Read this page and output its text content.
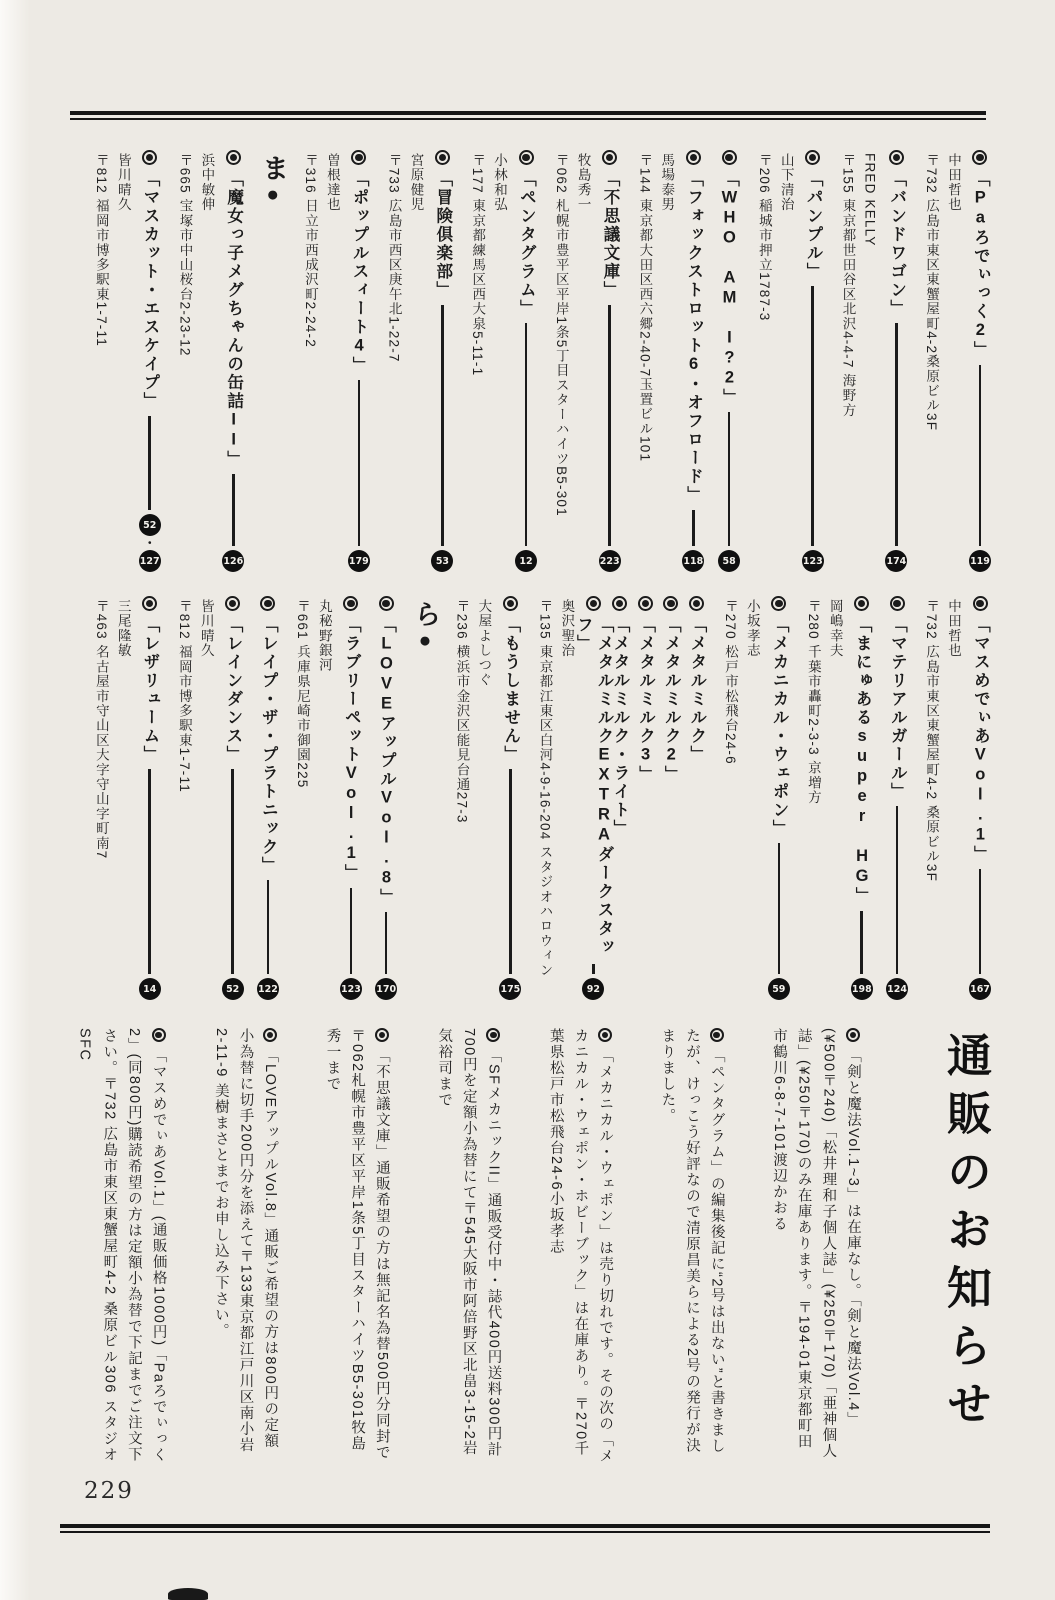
「Paろでぃっく2」
119
中田哲也
〒732 広島市東区東蟹屋町4-2桑原ビル3F
「バンドワゴン」
174
FRED KELLY
〒155 東京都世田谷区北沢4-4-7 海野方
「パンプル」
123
山下清治
〒206 稲城市押立1787-3
「WHO AM I?2」
58
「フォックストロット6・オフロード」
118
馬場泰男
〒144 東京都大田区西六郷2-40-7玉置ビル101
「不思議文庫」
223
牧島秀一
〒062 札幌市豊平区平岸1条5丁目スターハイツB5-301
「ペンタグラム」
12
小林和弘
〒177 東京都練馬区西大泉5-11-1
「冒険倶楽部」
53
宮原健児
〒733 広島市西区庚午北1-22-7
「ポップルスィート4」
179
曽根達也
〒316 日立市西成沢町2-24-2
ま
●
「魔女っ子メグちゃんの缶詰II」
126
浜中敏伸
〒665 宝塚市中山桜台2-23-12
「マスカット・エスケイプ」
52
・
127
皆川晴久
〒812 福岡市博多駅東1-7-11
「マスめでぃあVol.1」
167
中田哲也
〒732 広島市東区東蟹屋町4-2 桑原ビル3F
「マテリアルガール」
124
「まにゅあるsuper HG」
198
岡嶋幸夫
〒280 千葉市轟町2-3-3 京増方
「メカニカル・ウェポン」
59
小坂孝志
〒270 松戸市松飛台24-6
「メタルミルク」
「メタルミルク2」
「メタルミルク3」
「メタルミルク・ライト」
「メタルミルクEXTRAダークスタッフ」
92
奥沢聖治
〒135 東京都江東区白河4-9-16-204 スタジオハロウィン
「もうしません」
175
大屋よしつぐ
〒236 横浜市金沢区能見台通27-3
ら
●
「LOVEアップルVol.8」
170
「ラブリーペットVol.1」
123
丸秘野銀河
〒661 兵庫県尼崎市御園225
「レイプ・ザ・プラトニック」
122
「レインダンス」
52
皆川晴久
〒812 福岡市博多駅東1-7-11
「レザリューム」
14
三尾隆敏
〒463 名古屋市守山区大字守山字町南7
通販のお知らせ
「剣と魔法Vol.1~3」は在庫なし。「剣と魔法Vol.4」(¥500〒240)「松井理和子個人誌」(¥250〒170)「亜神個人誌」(¥250〒170)のみ在庫あります。〒194-01東京都町田市鶴川6-8-7-101渡辺かおる
「ペンタグラム」の編集後記に“2号は出ない”と書きましたが、けっこう好評なので清原昌美らによる2号の発行が決まりました。
「メカニカル・ウェポン」は売り切れです。その次の「メカニカル・ウェポン・ホビーブック」は在庫あり。〒270千葉県松戸市松飛台24-6小坂孝志
「SFメカニックII」通販受付中・誌代400円送料300円計700円を定額小為替にて〒545大阪市阿倍野区北畠3-15-2岩気裕司まで
「不思議文庫」通販希望の方は無記名為替500円分同封で〒062札幌市豊平区平岸1条5丁目スターハイツB5-301牧島秀一まで
「LOVEアップルVol.8」通販ご希望の方は800円の定額小為替に切手200円分を添えて〒133東京都江戸川区南小岩2-11-9 美樹まさとまでお申し込み下さい。
「マスめでぃあVol.1」(通販価格1000円)「Paろでぃっく2」(同800円)購読希望の方は定額小為替で下記までご注文下さい。〒732 広島市東区東蟹屋町4-2 桑原ビル306 スタジオSFC
229
